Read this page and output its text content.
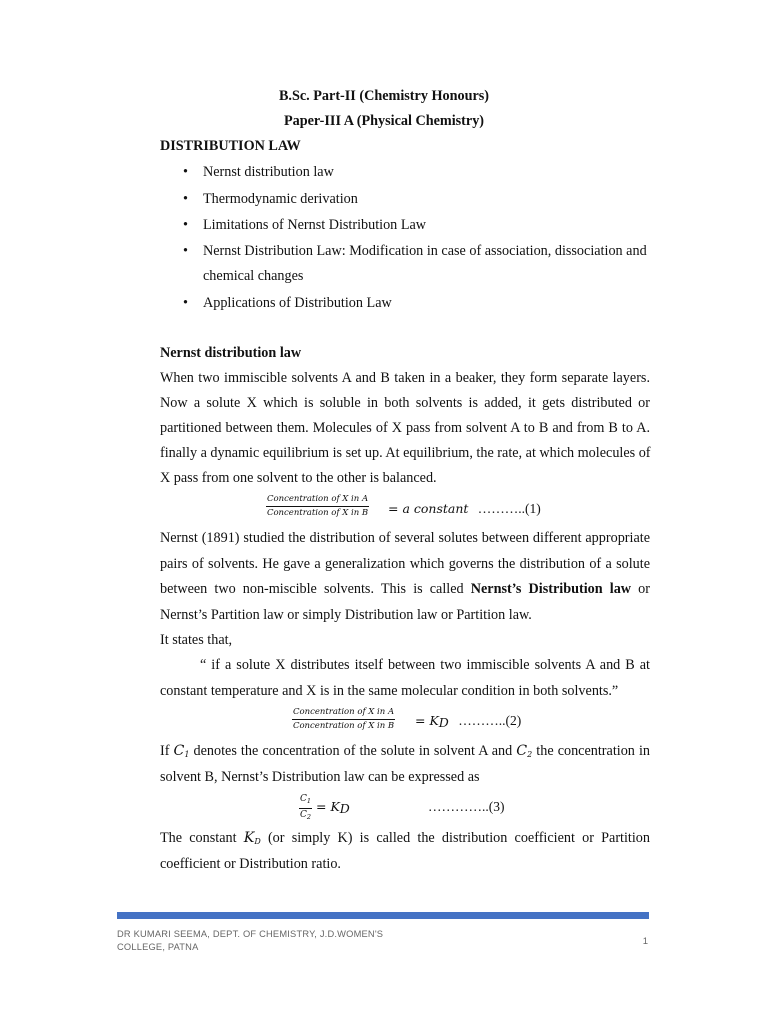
B.Sc. Part-II (Chemistry Honours)
Paper-III A (Physical Chemistry)
DISTRIBUTION LAW
• Nernst distribution law
• Thermodynamic derivation
• Limitations of Nernst Distribution Law
• Nernst Distribution Law: Modification in case of association, dissociation and
chemical changes
• Applications of Distribution Law
Nernst distribution law
When two immiscible solvents A and B taken in a beaker, they form separate layers.
Now a solute X which is soluble in both solvents is added, it gets distributed or
partitioned between them. Molecules of X pass from solvent A to B and from B to A.
finally a dynamic equilibrium is set up. At equilibrium, the rate, at which molecules of
X pass from one solvent to the other is balanced.
Concentration of X in A
Concentration of X in B = a constant ………..(1)
Nernst (1891) studied the distribution of several solutes between different appropriate
pairs of solvents. He gave a generalization which governs the distribution of a solute
between two non-miscible solvents. This is called Nernst’s Distribution law or
Nernst’s Partition law or simply Distribution law or Partition law.
It states that,
“ if a solute X distributes itself between two immiscible solvents A and B at
constant temperature and X is in the same molecular condition in both solvents.”
Concentration of X in A
Concentration of X in B = KD ………..(2)
If $C_1$ denotes the concentration of the solute in solvent A and $C_2$ the concentration in
solvent B, Nernst’s Distribution law can be expressed as
$\frac{C_1}{C_2}$ = KD	…………..(3)
The constant $K_D$ (or simply K) is called the distribution coefficient or Partition
coefficient or Distribution ratio.
DR KUMARI SEEMA, DEPT. OF CHEMISTRY, J.D.WOMEN'S COLLEGE, PATNA	1
